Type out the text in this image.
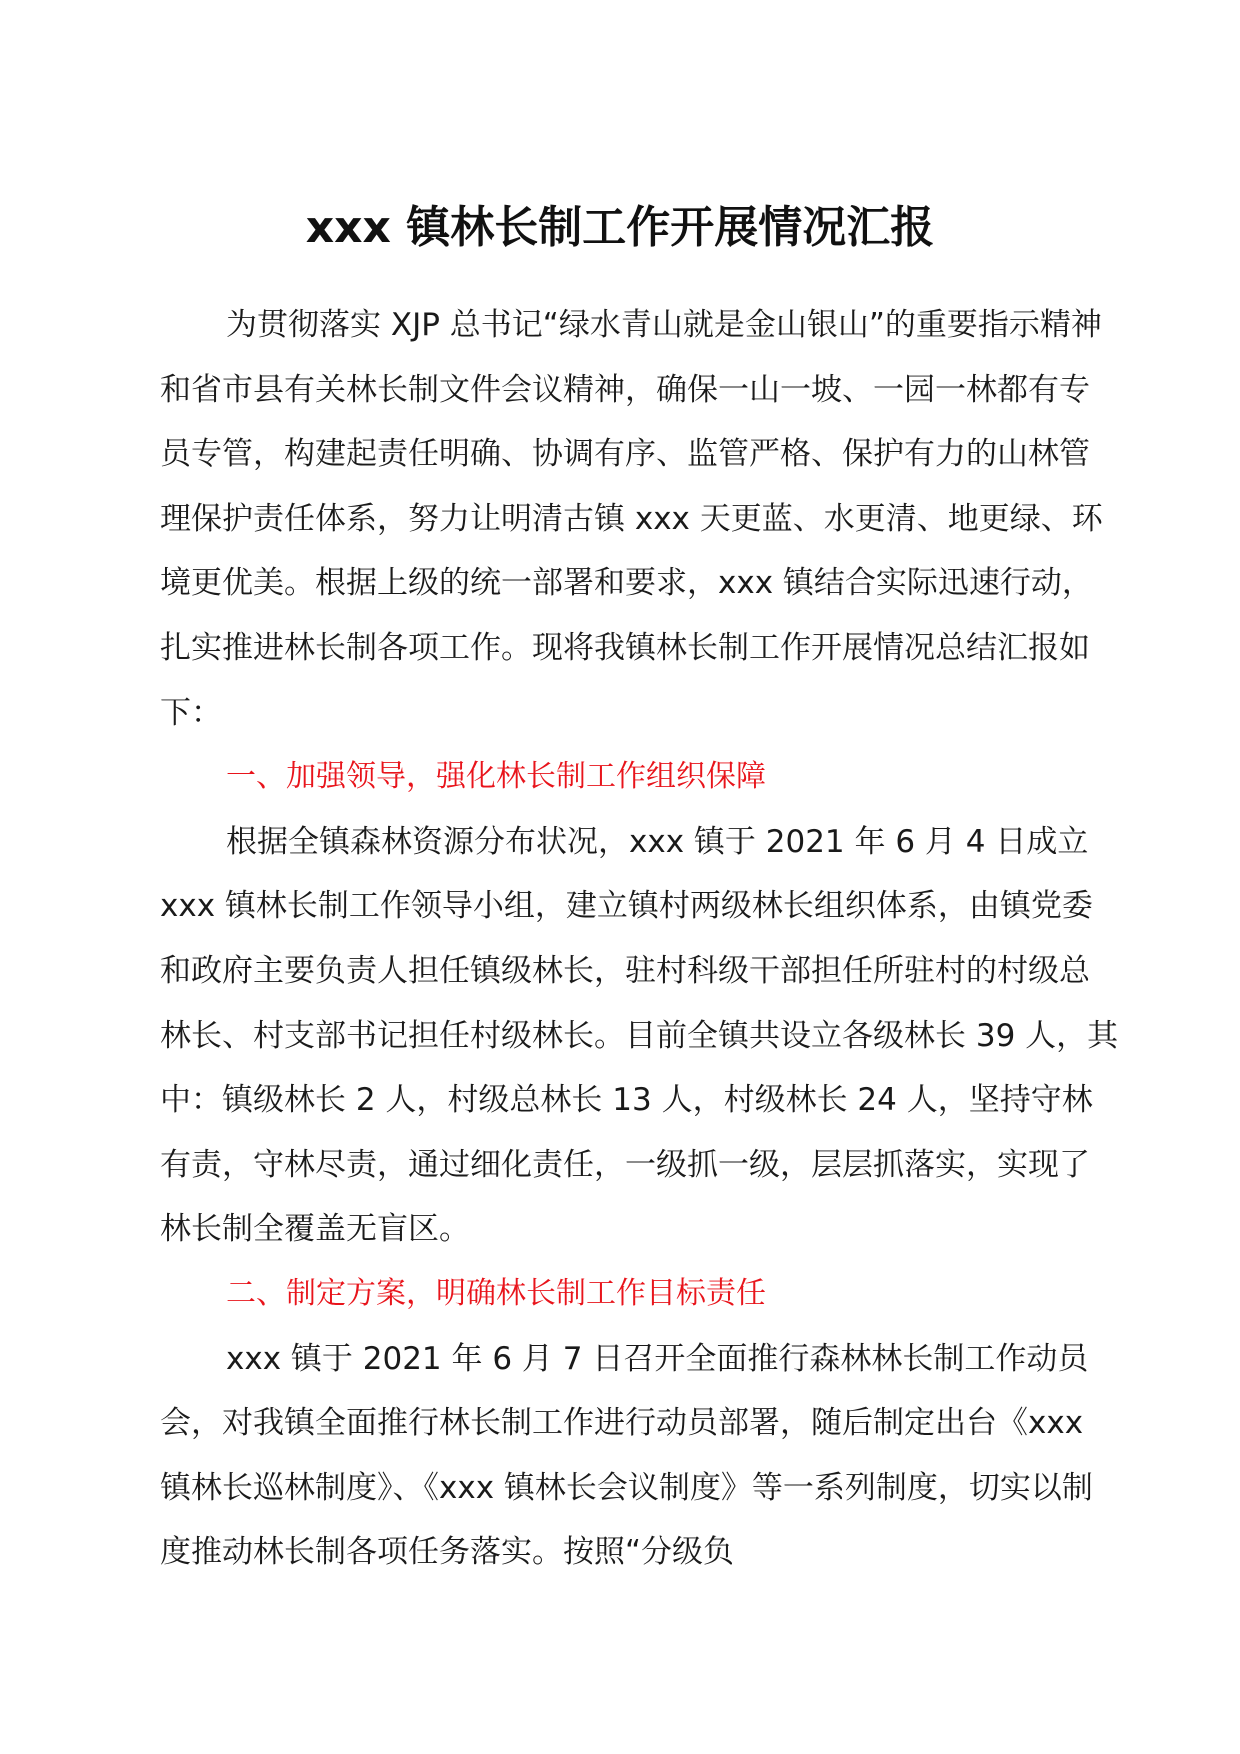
xxx 镇林长制工作开展情况汇报

为贯彻落实 XJP 总书记“绿水青山就是金山银山”的重要指示精神和省市县有关林长制文件会议精神，确保一山一坡、一园一林都有专员专管，构建起责任明确、协调有序、监管严格、保护有力的山林管理保护责任体系，努力让明清古镇 xxx 天更蓝、水更清、地更绿、环境更优美。根据上级的统一部署和要求，xxx 镇结合实际迅速行动，扎实推进林长制各项工作。现将我镇林长制工作开展情况总结汇报如下：

一、加强领导，强化林长制工作组织保障

根据全镇森林资源分布状况，xxx 镇于 2021 年 6 月 4 日成立 xxx 镇林长制工作领导小组，建立镇村两级林长组织体系，由镇党委和政府主要负责人担任镇级林长，驻村科级干部担任所驻村的村级总林长、村支部书记担任村级林长。目前全镇共设立各级林长 39 人，其中：镇级林长 2 人，村级总林长 13 人，村级林长 24 人，坚持守林有责，守林尽责，通过细化责任，一级抓一级，层层抓落实，实现了林长制全覆盖无盲区。

二、制定方案，明确林长制工作目标责任

xxx 镇于 2021 年 6 月 7 日召开全面推行森林林长制工作动员会，对我镇全面推行林长制工作进行动员部署，随后制定出台《xxx 镇林长巡林制度》、《xxx 镇林长会议制度》等一系列制度，切实以制度推动林长制各项任务落实。按照“分级负
